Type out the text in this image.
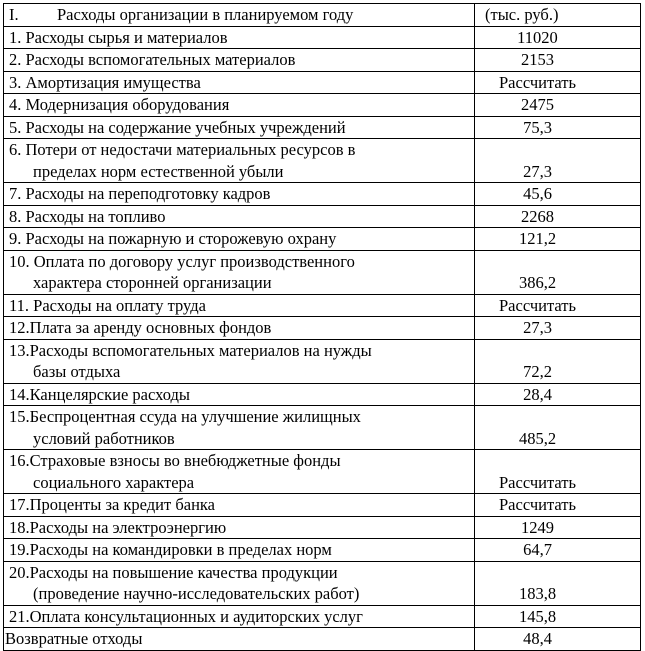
I. Расходы организации в планируемом году	(тыс. руб.)

1. Расходы сырья и материалов	11020

2. Расходы вспомогательных материалов	2153

3. Амортизация имущества	Рассчитать

4. Модернизация оборудования	2475

5. Расходы на содержание учебных учреждений	75,3

6. Потери от недостачи материальных ресурсов в
пределах норм естественной убыли	27,3

7. Расходы на переподготовку кадров	45,6

8. Расходы на топливо	2268

9. Расходы на пожарную и сторожевую охрану	121,2

10. Оплата по договору услуг производственного
характера сторонней организации	386,2

11. Расходы на оплату труда	Рассчитать

12.Плата за аренду основных фондов	27,3

13.Расходы вспомогательных материалов на нужды
базы отдыха	72,2

14.Канцелярские расходы	28,4

15.Беспроцентная ссуда на улучшение жилищных
условий работников	485,2

16.Страховые взносы во внебюджетные фонды
социального характера	Рассчитать

17.Проценты за кредит банка	Рассчитать

18.Расходы на электроэнергию	1249

19.Расходы на командировки в пределах норм	64,7

20.Расходы на повышение качества продукции
(проведение научно-исследовательских работ)	183,8

21.Оплата консультационных и аудиторских услуг	145,8
Возвратные отходы	48,4
